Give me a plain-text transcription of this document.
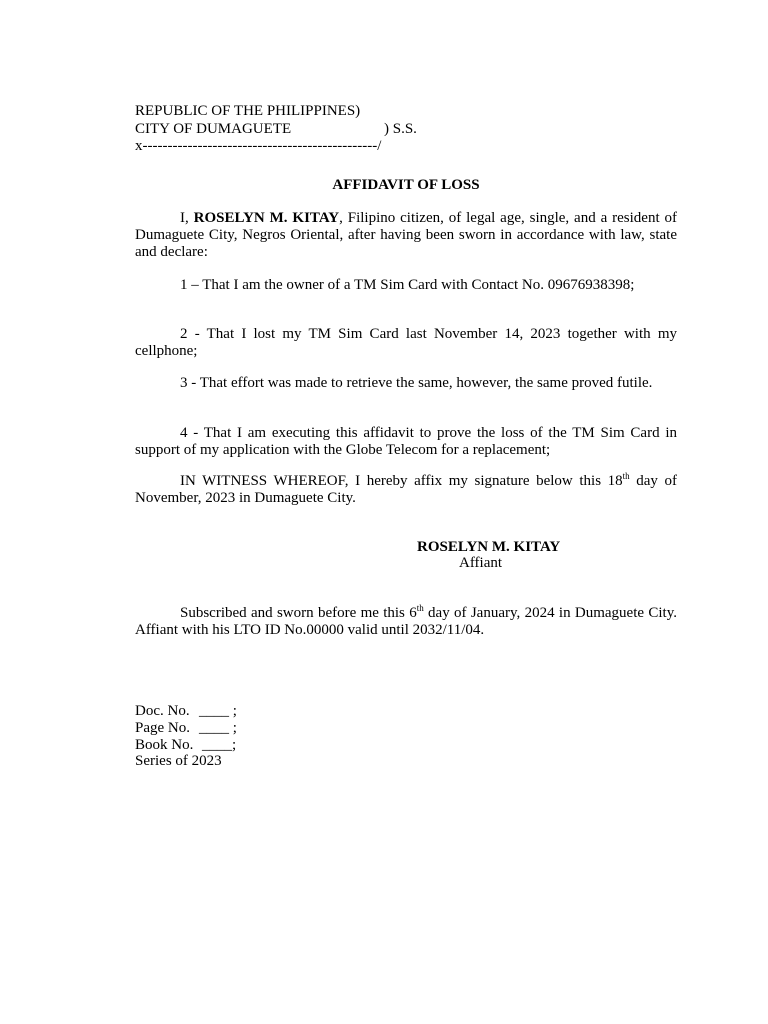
REPUBLIC OF THE PHILIPPINES)
CITY OF DUMAGUETE	) S.S.
x-----------------------------------------------/
AFFIDAVIT OF LOSS
I, ROSELYN M. KITAY, Filipino citizen, of legal age, single, and a resident of Dumaguete City, Negros Oriental, after having been sworn in accordance with law, state and declare:
1 – That I am the owner of a TM Sim Card with Contact No. 09676938398;
2 - That I lost my TM Sim Card last November 14, 2023 together with my cellphone;
3 - That effort was made to retrieve the same, however, the same proved futile.
4 - That I am executing this affidavit to prove the loss of the TM Sim Card in support of my application with the Globe Telecom for a replacement;
IN WITNESS WHEREOF, I hereby affix my signature below this 18th day of November, 2023 in Dumaguete City.
ROSELYN M. KITAY
Affiant
Subscribed and sworn before me this 6th day of January, 2024 in Dumaguete City. Affiant with his LTO ID No.00000 valid until 2032/11/04.
Doc. No. ____ ;
Page No. ____ ;
Book No. ____;
Series of 2023
